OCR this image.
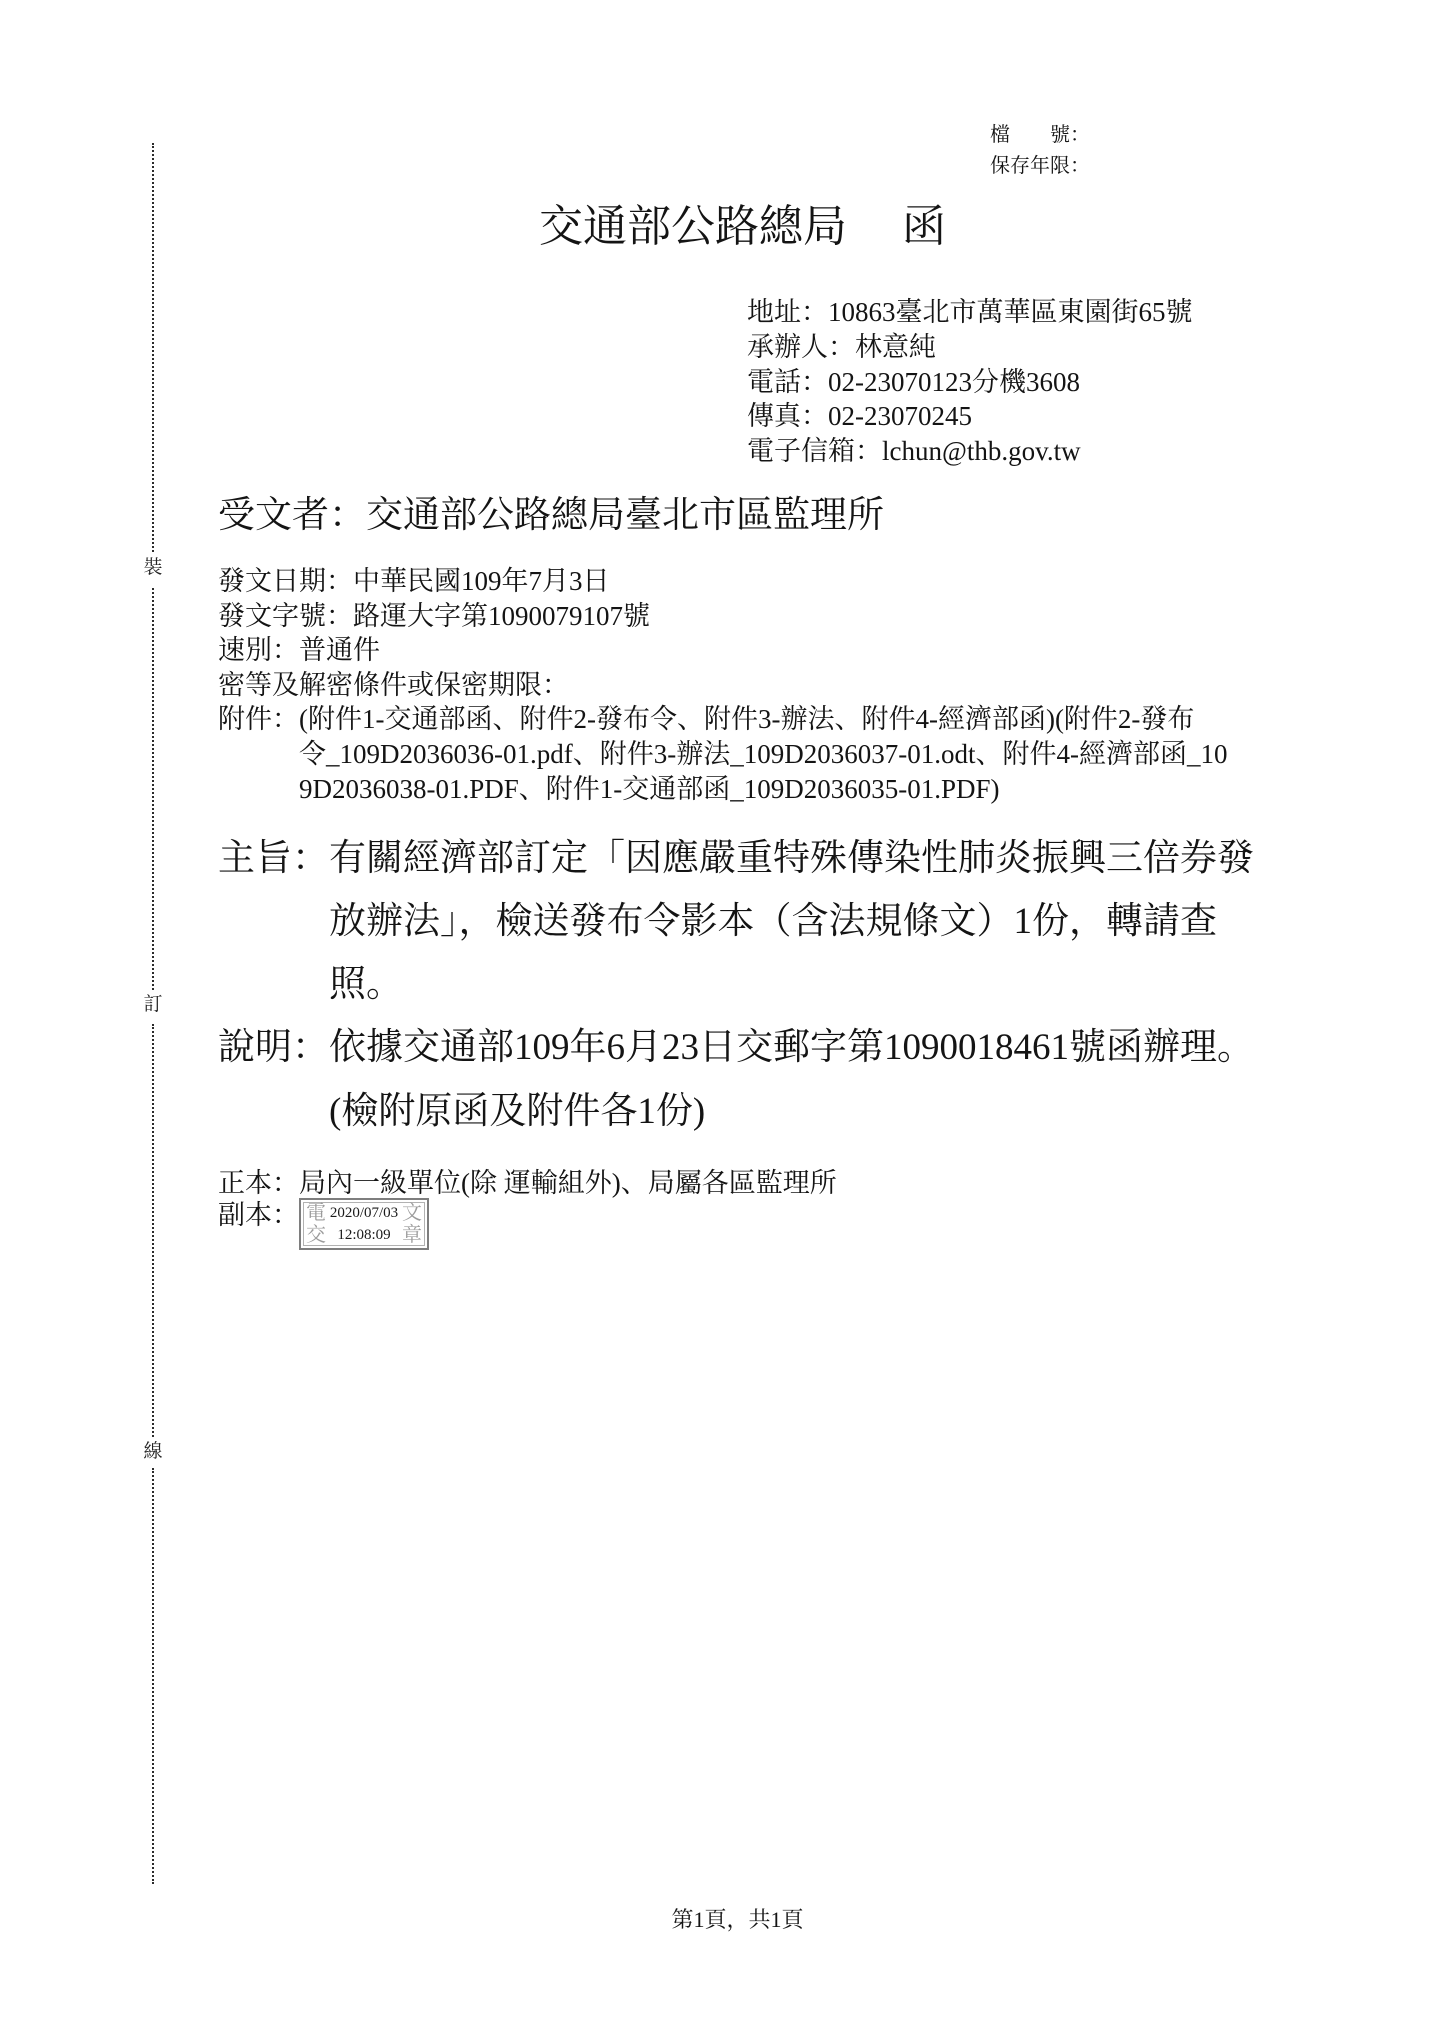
裝
訂
線
檔　　號：
保存年限：
交通部公路總局 函
地址：10863臺北市萬華區東園街65號
承辦人：林意純
電話：02-23070123分機3608
傳真：02-23070245
電子信箱：lchun@thb.gov.tw
受文者：交通部公路總局臺北市區監理所
發文日期：中華民國109年7月3日
發文字號：路運大字第1090079107號
速別：普通件
密等及解密條件或保密期限：
附件： (附件1-交通部函、附件2-發布令、附件3-辦法、附件4-經濟部函)(附件2-發布
令_109D2036036-01.pdf、附件3-辦法_109D2036037-01.odt、附件4-經濟部函_10
9D2036038-01.PDF、附件1-交通部函_109D2036035-01.PDF)
主旨： 有關經濟部訂定「因應嚴重特殊傳染性肺炎振興三倍券發
放辦法」，檢送發布令影本（含法規條文）1份，轉請查
照。
說明： 依據交通部109年6月23日交郵字第1090018461號函辦理。
(檢附原函及附件各1份)
正本：局內一級單位(除 運輸組外)、局屬各區監理所
副本： 電 2020/07/03 文
交 12:08:09 章
第1頁，共1頁
